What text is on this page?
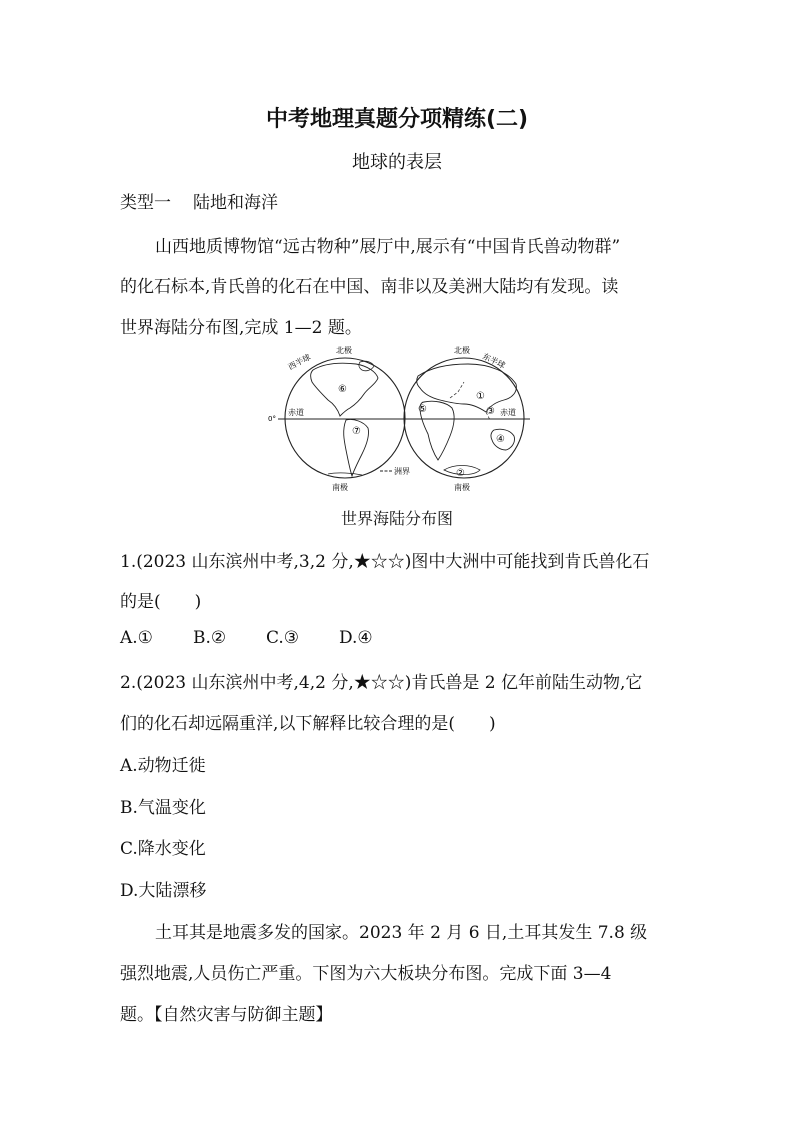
中考地理真题分项精练(二)
地球的表层
类型一 陆地和海洋
山西地质博物馆“远古物种”展厅中,展示有“中国肯氏兽动物群”
的化石标本,肯氏兽的化石在中国、南非以及美洲大陆均有发现。读
世界海陆分布图,完成 1—2 题。
西半球
北极	北极
东半球
0°
赤道	赤道
南极	南极
洲界
①
②
③
④
⑤
⑥
⑦
世界海陆分布图
1.(2023 山东滨州中考,3,2 分,★☆☆)图中大洲中可能找到肯氏兽化石
的是(　　)
A.① B.② C.③ D.④
2.(2023 山东滨州中考,4,2 分,★☆☆)肯氏兽是 2 亿年前陆生动物,它
们的化石却远隔重洋,以下解释比较合理的是(　　)
A.动物迁徙
B.气温变化
C.降水变化
D.大陆漂移
土耳其是地震多发的国家。2023 年 2 月 6 日,土耳其发生 7.8 级
强烈地震,人员伤亡严重。下图为六大板块分布图。完成下面 3—4
题。【自然灾害与防御主题】
